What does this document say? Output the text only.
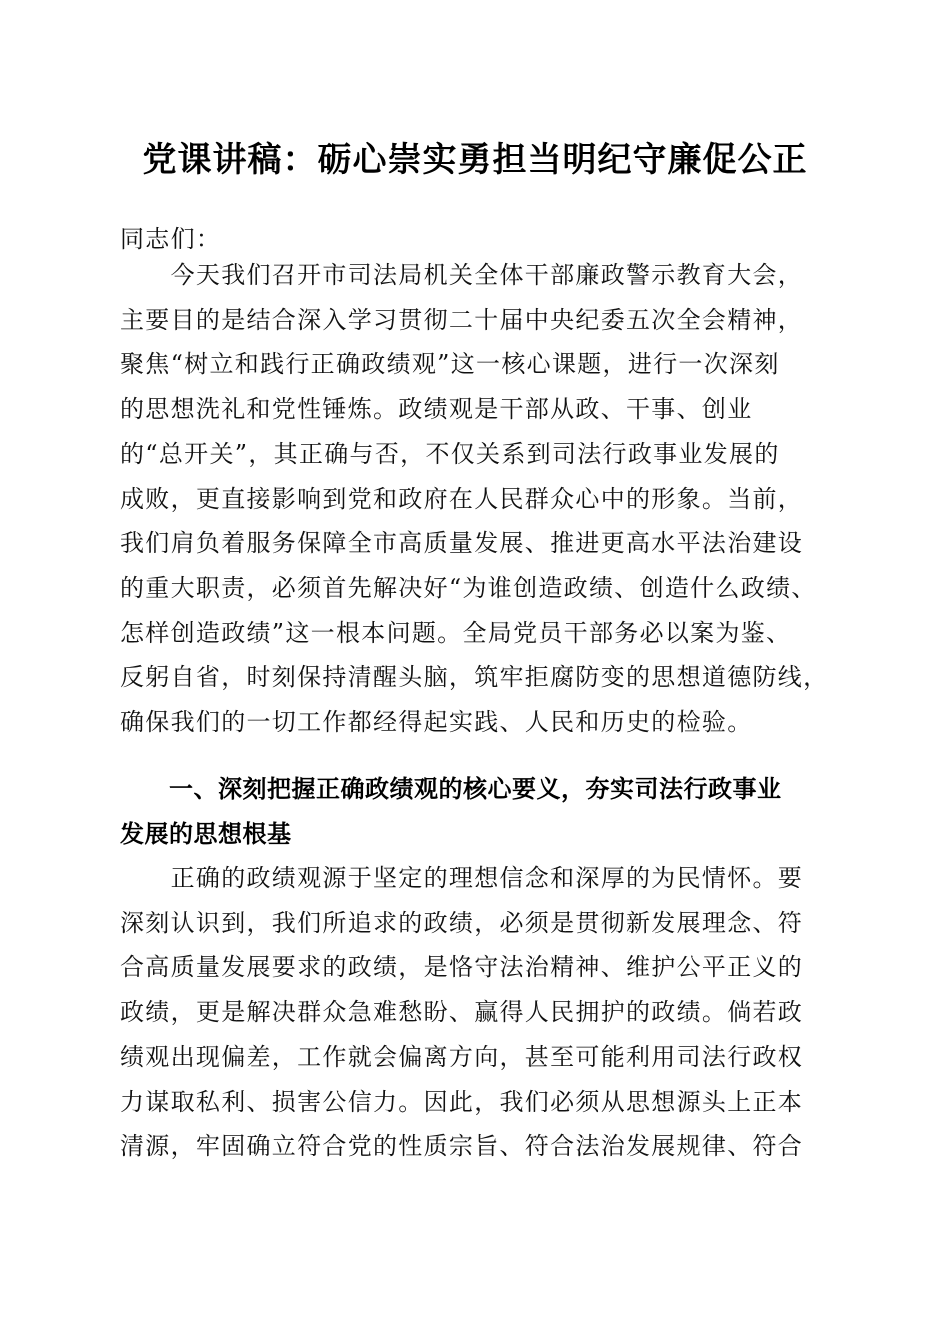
党课讲稿：砺心崇实勇担当明纪守廉促公正
同志们：
　　今天我们召开市司法局机关全体干部廉政警示教育大会，
主要目的是结合深入学习贯彻二十届中央纪委五次全会精神，
聚焦“树立和践行正确政绩观”这一核心课题，进行一次深刻
的思想洗礼和党性锤炼。政绩观是干部从政、干事、创业
的“总开关”，其正确与否，不仅关系到司法行政事业发展的
成败，更直接影响到党和政府在人民群众心中的形象。当前，
我们肩负着服务保障全市高质量发展、推进更高水平法治建设
的重大职责，必须首先解决好“为谁创造政绩、创造什么政绩、
怎样创造政绩”这一根本问题。全局党员干部务必以案为鉴、
反躬自省，时刻保持清醒头脑，筑牢拒腐防变的思想道德防线，
确保我们的一切工作都经得起实践、人民和历史的检验。
　　一、深刻把握正确政绩观的核心要义，夯实司法行政事业
发展的思想根基
　　正确的政绩观源于坚定的理想信念和深厚的为民情怀。要
深刻认识到，我们所追求的政绩，必须是贯彻新发展理念、符
合高质量发展要求的政绩，是恪守法治精神、维护公平正义的
政绩，更是解决群众急难愁盼、赢得人民拥护的政绩。倘若政
绩观出现偏差，工作就会偏离方向，甚至可能利用司法行政权
力谋取私利、损害公信力。因此，我们必须从思想源头上正本
清源，牢固确立符合党的性质宗旨、符合法治发展规律、符合
